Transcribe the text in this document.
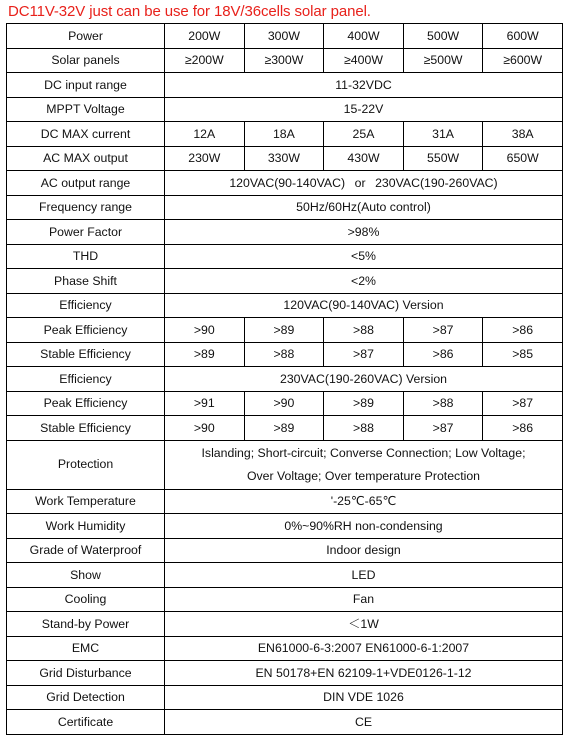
DC11V-32V just can be use for 18V/36cells solar panel.
Power	200W	300W	400W	500W	600W
Solar panels	≥200W	≥300W	≥400W	≥500W	≥600W
DC input range	11-32VDC				
MPPT Voltage	15-22V				
DC MAX current	12A	18A	25A	31A	38A
AC MAX output	230W	330W	430W	550W	650W
AC output range	120VAC(90-140VAC) or 230VAC(190-260VAC)				
Frequency range	50Hz/60Hz(Auto control)				
Power Factor	>98%				
THD	<5%				
Phase Shift	<2%				
Efficiency	120VAC(90-140VAC) Version				
Peak Efficiency	>90	>89	>88	>87	>86
Stable Efficiency	>89	>88	>87	>86	>85
Efficiency	230VAC(190-260VAC) Version				
Peak Efficiency	>91	>90	>89	>88	>87
Stable Efficiency	>90	>89	>88	>87	>86
Protection	Islanding; Short-circuit; Converse Connection; Low Voltage;
Over Voltage; Over temperature Protection				

Work Temperature	'-25℃-65℃				
Work Humidity	0%~90%RH non-condensing				
Grade of Waterproof	Indoor design				
Show	LED				
Cooling	Fan				
Stand-by Power	＜1W				
EMC	EN61000-6-3:2007 EN61000-6-1:2007				
Grid Disturbance	EN 50178+EN 62109-1+VDE0126-1-12				
Grid Detection	DIN VDE 1026				
Certificate	CE				
